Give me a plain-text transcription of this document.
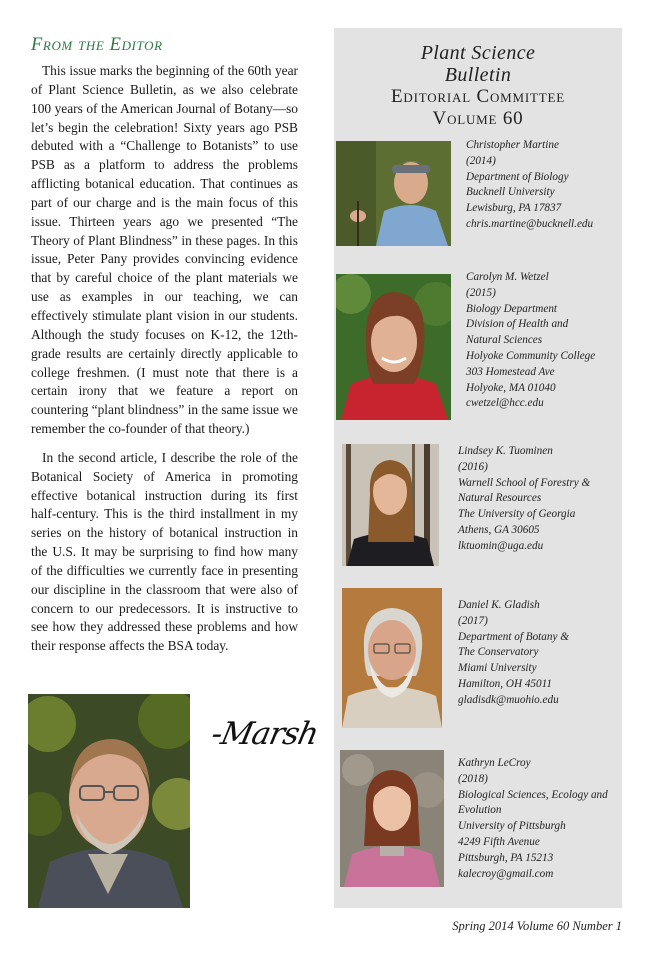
From the Editor

This issue marks the beginning of the 60th year of Plant Science Bulletin, as we also celebrate 100 years of the American Journal of Botany—so let’s begin the celebration! Sixty years ago PSB debuted with a “Challenge to Botanists” to use PSB as a platform to address the problems afflicting botanical education. That continues as part of our charge and is the main focus of this issue. Thirteen years ago we presented “The Theory of Plant Blindness” in these pages. In this issue, Peter Pany provides convincing evidence that by careful choice of the plant materials we use as examples in our teaching, we can effectively stimulate plant vision in our students. Although the study focuses on K-12, the 12th-grade results are certainly directly applicable to college freshmen. (I must note that there is a certain irony that we feature a report on countering “plant blindness” in the same issue we remember the co-founder of that theory.)

In the second article, I describe the role of the Botanical Society of America in promoting effective botanical instruction during its first half-century. This is the third installment in my series on the history of botanical instruction in the U.S. It may be surprising to find how many of the difficulties we currently face in presenting our discipline in the classroom that were also of concern to our predecessors. It is instructive to see how they addressed these problems and how their response affects the BSA today.

-Marsh
Plant Science
Bulletin
Editorial Committee
Volume 60
Christopher Martine
(2014)
Department of Biology
Bucknell University
Lewisburg, PA 17837
chris.martine@bucknell.edu
Carolyn M. Wetzel
(2015)
Biology Department
Division of Health and
Natural Sciences
Holyoke Community College
303 Homestead Ave
Holyoke, MA 01040
cwetzel@hcc.edu
Lindsey K. Tuominen
(2016)
Warnell School of Forestry &
Natural Resources
The University of Georgia
Athens, GA 30605
lktuomin@uga.edu
Daniel K. Gladish
(2017)
Department of Botany &
The Conservatory
Miami University
Hamilton, OH 45011
gladisdk@muohio.edu
Kathryn LeCroy
(2018)
Biological Sciences, Ecology and
Evolution
University of Pittsburgh
4249 Fifth Avenue
Pittsburgh, PA 15213
kalecroy@gmail.com
Spring 2014 Volume 60 Number 1
